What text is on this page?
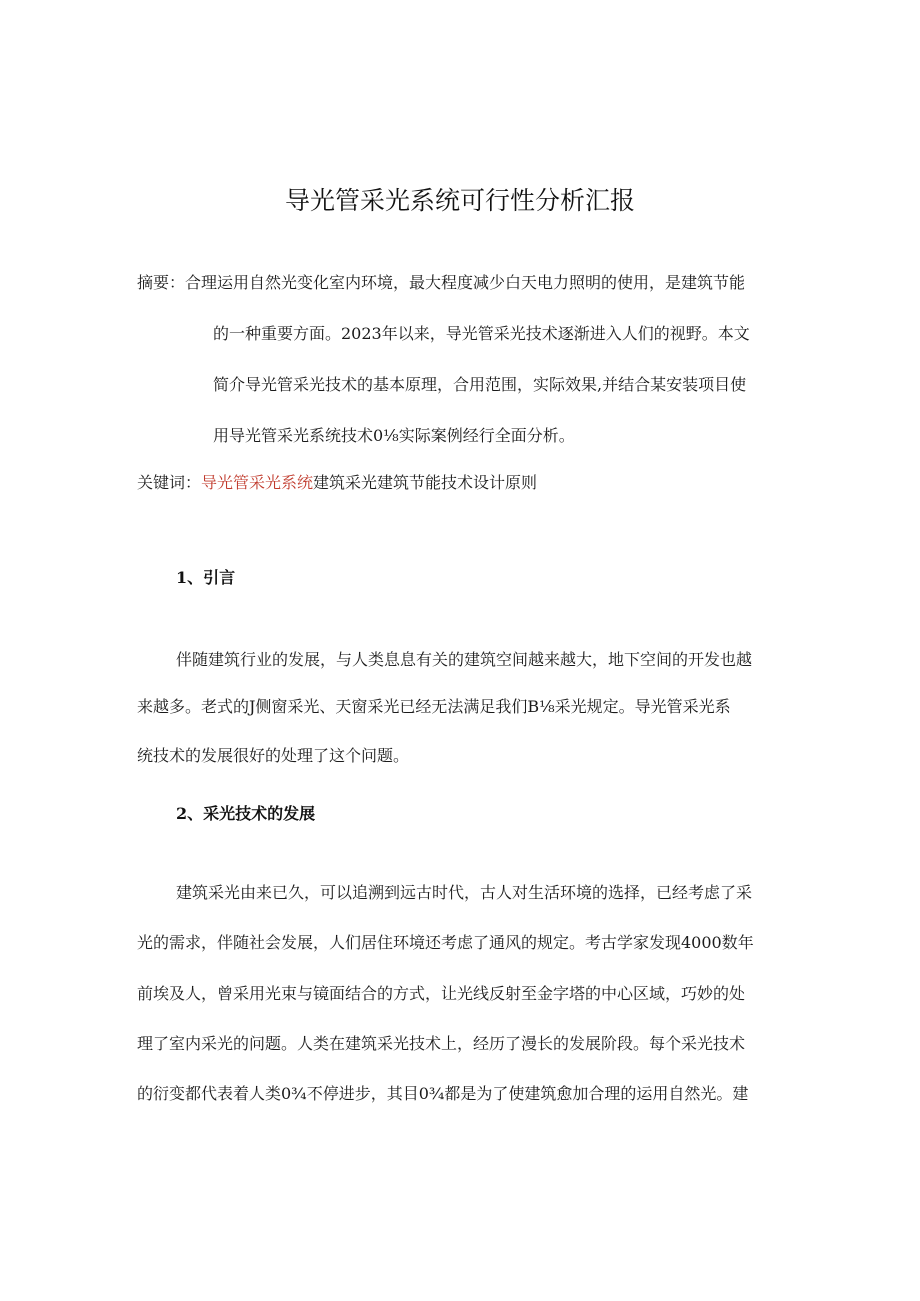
导光管采光系统可行性分析汇报
摘要：合理运用自然光变化室内环境，最大程度减少白天电力照明的使用，是建筑节能
的一种重要方面。2023年以来，导光管采光技术逐渐进入人们的视野。本文
简介导光管采光技术的基本原理，合用范围，实际效果,并结合某安装项目使
用导光管采光系统技术0⅛实际案例经行全面分析。
关键词：导光管采光系统建筑采光建筑节能技术设计原则
1、引言
伴随建筑行业的发展，与人类息息有关的建筑空间越来越大，地下空间的开发也越
来越多。老式的J侧窗采光、天窗采光已经无法满足我们B⅛采光规定。导光管采光系
统技术的发展很好的处理了这个问题。
2、采光技术的发展
建筑采光由来已久，可以追溯到远古时代，古人对生活环境的选择，已经考虑了采
光的需求，伴随社会发展，人们居住环境还考虑了通风的规定。考古学家发现4000数年
前埃及人，曾采用光束与镜面结合的方式，让光线反射至金字塔的中心区域，巧妙的处
理了室内采光的问题。人类在建筑采光技术上，经历了漫长的发展阶段。每个采光技术
的衍变都代表着人类0¾不停进步，其目0¾都是为了使建筑愈加合理的运用自然光。建
